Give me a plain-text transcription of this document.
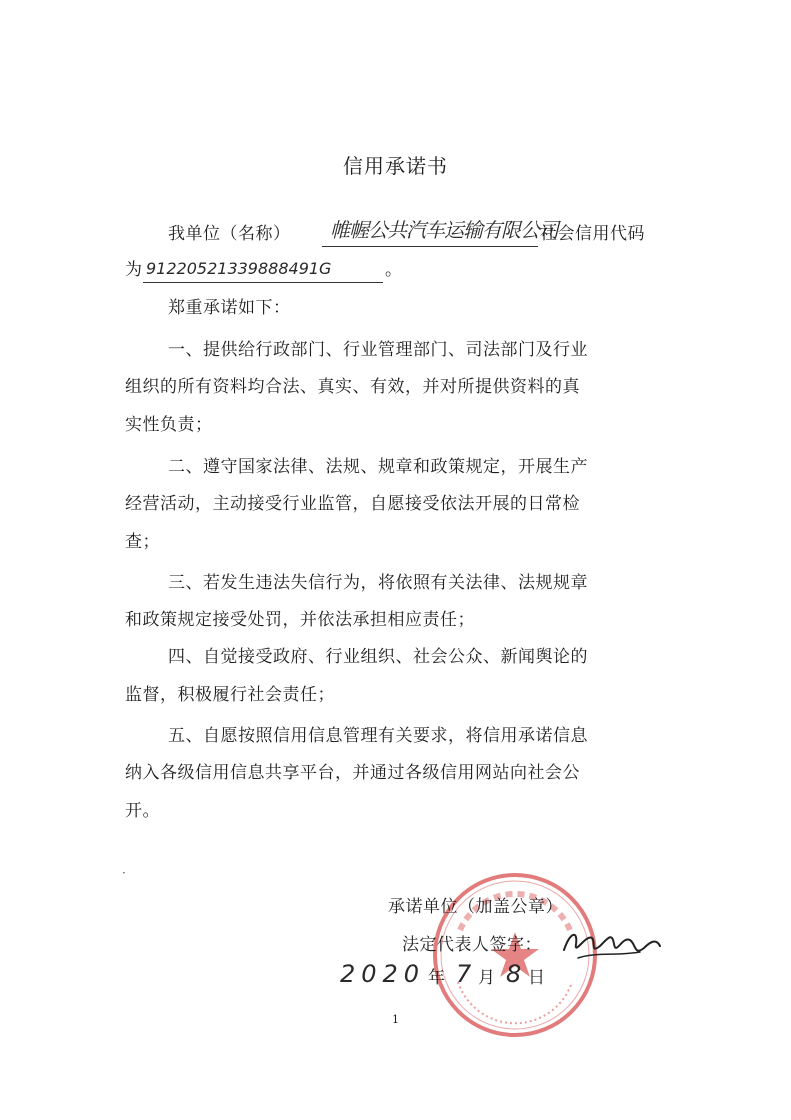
信用承诺书
我单位（名称） 帷幄公共汽车运输有限公司
社会信用代码
为 91220521339888491G	。
郑重承诺如下：
一、提供给行政部门、行业管理部门、司法部门及行业
组织的所有资料均合法、真实、有效，并对所提供资料的真
实性负责；
二、遵守国家法律、法规、规章和政策规定，开展生产
经营活动，主动接受行业监管，自愿接受依法开展的日常检
查；
三、若发生违法失信行为，将依照有关法律、法规规章
和政策规定接受处罚，并依法承担相应责任；
四、自觉接受政府、行业组织、社会公众、新闻舆论的
监督，积极履行社会责任；
五、自愿按照信用信息管理有关要求，将信用承诺信息
纳入各级信用信息共享平台，并通过各级信用网站向社会公
开。
·
承诺单位（加盖公章）
法定代表人签字：
2020 年 7 月 8 日
1
